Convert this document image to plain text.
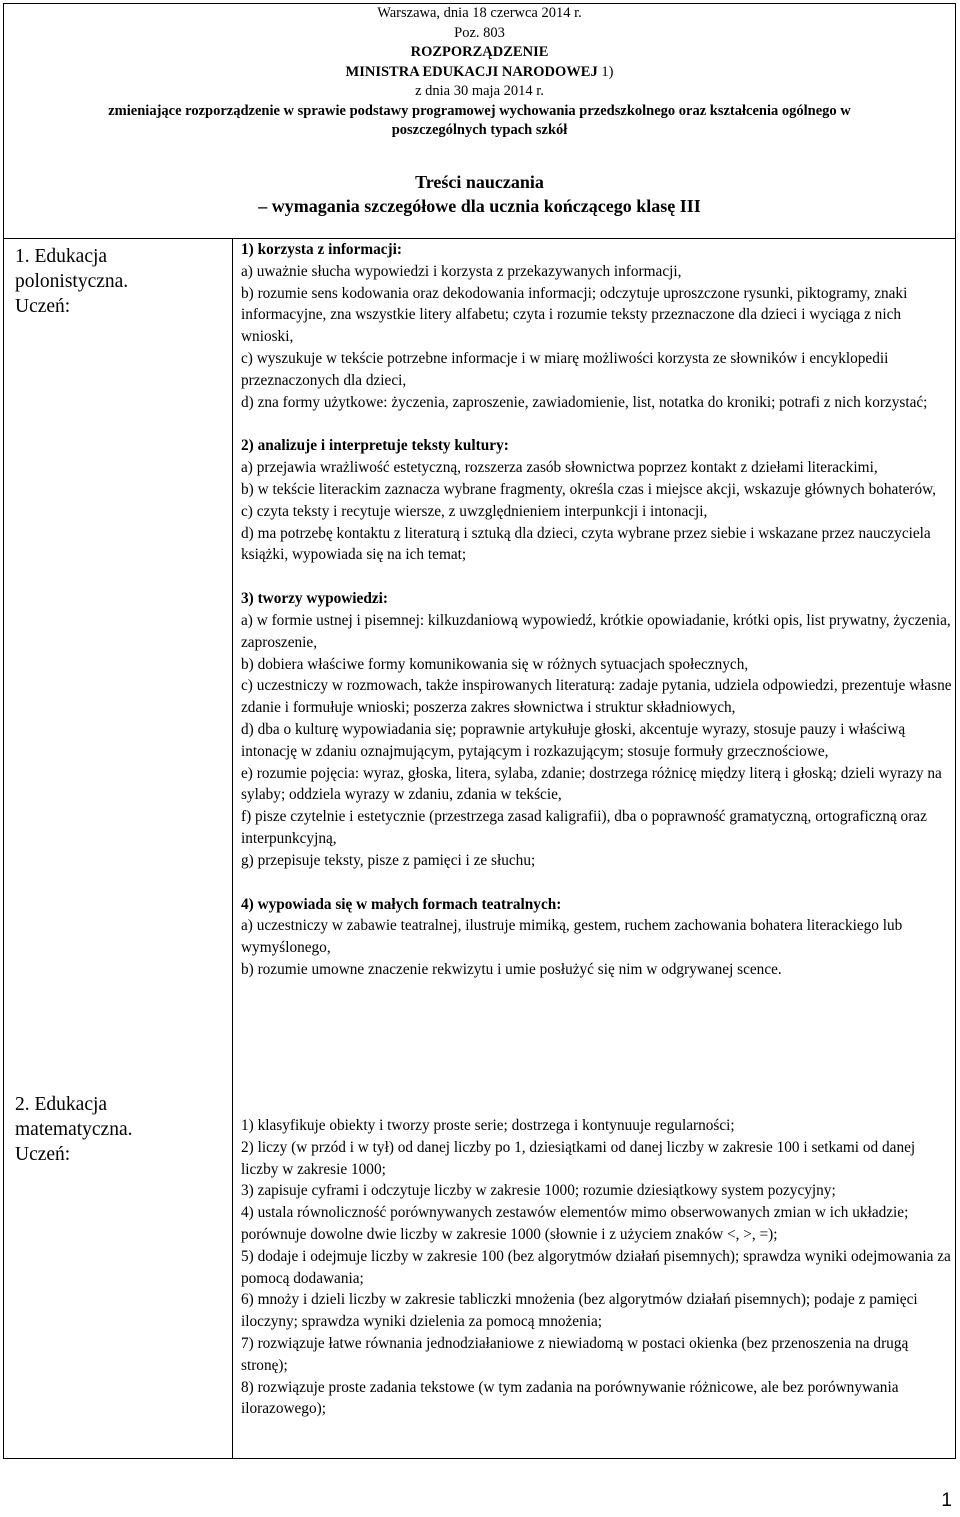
Warszawa, dnia 18 czerwca 2014 r.
Poz. 803
ROZPORZĄDZENIE
MINISTRA EDUKACJI NARODOWEJ 1)
z dnia 30 maja 2014 r.
zmieniające rozporządzenie w sprawie podstawy programowej wychowania przedszkolnego oraz kształcenia ogólnego w
poszczególnych typach szkół
Treści nauczania
– wymagania szczegółowe dla ucznia kończącego klasę III
1. Edukacja
polonistyczna.
Uczeń:

1) korzysta z informacji:

a) uważnie słucha wypowiedzi i korzysta z przekazywanych informacji,

b) rozumie sens kodowania oraz dekodowania informacji; odczytuje uproszczone rysunki, piktogramy, znaki informacyjne, zna wszystkie litery alfabetu; czyta i rozumie teksty przeznaczone dla dzieci i wyciąga z nich wnioski,

c) wyszukuje w tekście potrzebne informacje i w miarę możliwości korzysta ze słowników i encyklopedii przeznaczonych dla dzieci,

d) zna formy użytkowe: życzenia, zaproszenie, zawiadomienie, list, notatka do kroniki; potrafi z nich korzystać;

2) analizuje i interpretuje teksty kultury:

a) przejawia wrażliwość estetyczną, rozszerza zasób słownictwa poprzez kontakt z dziełami literackimi,

b) w tekście literackim zaznacza wybrane fragmenty, określa czas i miejsce akcji, wskazuje głównych bohaterów,

c) czyta teksty i recytuje wiersze, z uwzględnieniem interpunkcji i intonacji,

d) ma potrzebę kontaktu z literaturą i sztuką dla dzieci, czyta wybrane przez siebie i wskazane przez nauczyciela książki, wypowiada się na ich temat;

3) tworzy wypowiedzi:

a) w formie ustnej i pisemnej: kilkuzdaniową wypowiedź, krótkie opowiadanie, krótki opis, list prywatny, życzenia, zaproszenie,

b) dobiera właściwe formy komunikowania się w różnych sytuacjach społecznych,

c) uczestniczy w rozmowach, także inspirowanych literaturą: zadaje pytania, udziela odpowiedzi, prezentuje własne zdanie i formułuje wnioski; poszerza zakres słownictwa i struktur składniowych,

d) dba o kulturę wypowiadania się; poprawnie artykułuje głoski, akcentuje wyrazy, stosuje pauzy i właściwą intonację w zdaniu oznajmującym, pytającym i rozkazującym; stosuje formuły grzecznościowe,

e) rozumie pojęcia: wyraz, głoska, litera, sylaba, zdanie; dostrzega różnicę między literą i głoską; dzieli wyrazy na sylaby; oddziela wyrazy w zdaniu, zdania w tekście,

f) pisze czytelnie i estetycznie (przestrzega zasad kaligrafii), dba o poprawność gramatyczną, ortograficzną oraz interpunkcyjną,

g) przepisuje teksty, pisze z pamięci i ze słuchu;

4) wypowiada się w małych formach teatralnych:

a) uczestniczy w zabawie teatralnej, ilustruje mimiką, gestem, ruchem zachowania bohatera literackiego lub wymyślonego,

b) rozumie umowne znaczenie rekwizytu i umie posłużyć się nim w odgrywanej scence.

2. Edukacja
matematyczna.
Uczeń:

1) klasyfikuje obiekty i tworzy proste serie; dostrzega i kontynuuje regularności;

2) liczy (w przód i w tył) od danej liczby po 1, dziesiątkami od danej liczby w zakresie 100 i setkami od danej liczby w zakresie 1000;

3) zapisuje cyframi i odczytuje liczby w zakresie 1000; rozumie dziesiątkowy system pozycyjny;

4) ustala równoliczność porównywanych zestawów elementów mimo obserwowanych zmian w ich układzie; porównuje dowolne dwie liczby w zakresie 1000 (słownie i z użyciem znaków <, >, =);

5) dodaje i odejmuje liczby w zakresie 100 (bez algorytmów działań pisemnych); sprawdza wyniki odejmowania za pomocą dodawania;

6) mnoży i dzieli liczby w zakresie tabliczki mnożenia (bez algorytmów działań pisemnych); podaje z pamięci iloczyny; sprawdza wyniki dzielenia za pomocą mnożenia;

7) rozwiązuje łatwe równania jednodziałaniowe z niewiadomą w postaci okienka (bez przenoszenia na drugą stronę);

8) rozwiązuje proste zadania tekstowe (w tym zadania na porównywanie różnicowe, ale bez porównywania ilorazowego);

1
